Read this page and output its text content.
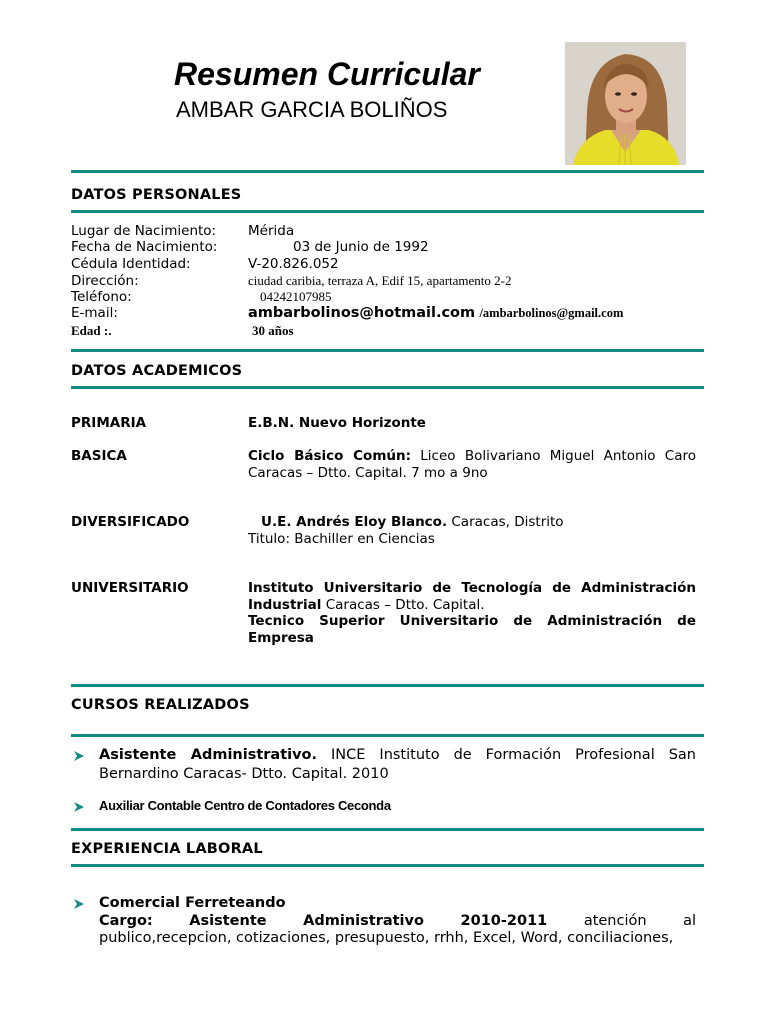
Resumen Curricular
AMBAR GARCIA BOLIÑOS
DATOS PERSONALES
Lugar de Nacimiento: Mérida
Fecha de Nacimiento:	03 de Junio de 1992
Cédula Identidad:	V-20.826.052
Dirección:	ciudad caribia, terraza A, Edif 15, apartamento 2-2
Teléfono:	04242107985
E-mail:	ambarbolinos@hotmail.com /ambarbolinos@gmail.com
Edad :.	30 años
DATOS ACADEMICOS
PRIMARIA	E.B.N. Nuevo Horizonte
BASICA	Ciclo Básico Común: Liceo Bolivariano Miguel Antonio Caro Caracas – Dtto. Capital. 7 mo a 9no
DIVERSIFICADO	U.E. Andrés Eloy Blanco. Caracas, Distrito
Titulo: Bachiller en Ciencias
UNIVERSITARIO	Instituto Universitario de Tecnología de Administración Industrial Caracas – Dtto. Capital.
Tecnico Superior Universitario de Administración de Empresa
CURSOS REALIZADOS
Asistente Administrativo. INCE Instituto de Formación Profesional San Bernardino Caracas- Dtto. Capital. 2010
Auxiliar Contable Centro de Contadores Ceconda
EXPERIENCIA LABORAL
Comercial Ferreteando
Cargo:	Asistente	Administrativo	2010-2011	atención	al
publico,recepcion, cotizaciones, presupuesto, rrhh, Excel, Word, conciliaciones,
